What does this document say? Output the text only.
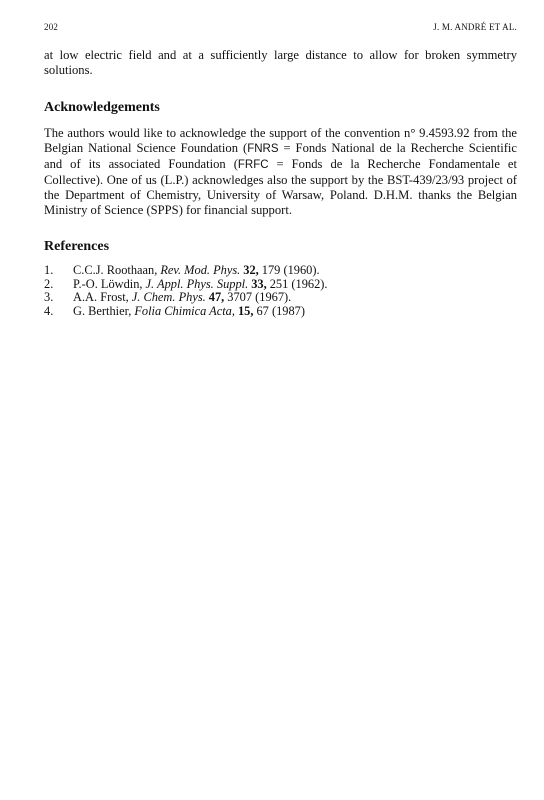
202	J. M. ANDRÉ ET AL.

at low electric field and at a sufficiently large distance to allow for broken symmetry solutions.

Acknowledgements

The authors would like to acknowledge the support of the convention n° 9.4593.92 from the Belgian National Science Foundation (FNRS = Fonds National de la Recherche Scientific and of its associated Foundation (FRFC = Fonds de la Recherche Fondamentale et Collective). One of us (L.P.) acknowledges also the support by the BST-439/23/93 project of the Department of Chemistry, University of Warsaw, Poland. D.H.M. thanks the Belgian Ministry of Science (SPPS) for financial support.

References
1.	C.C.J. Roothaan, Rev. Mod. Phys. 32, 179 (1960).
2.	P.-O. Löwdin, J. Appl. Phys. Suppl. 33, 251 (1962).
3.	A.A. Frost, J. Chem. Phys. 47, 3707 (1967).
4.	G. Berthier, Folia Chimica Acta, 15, 67 (1987)
